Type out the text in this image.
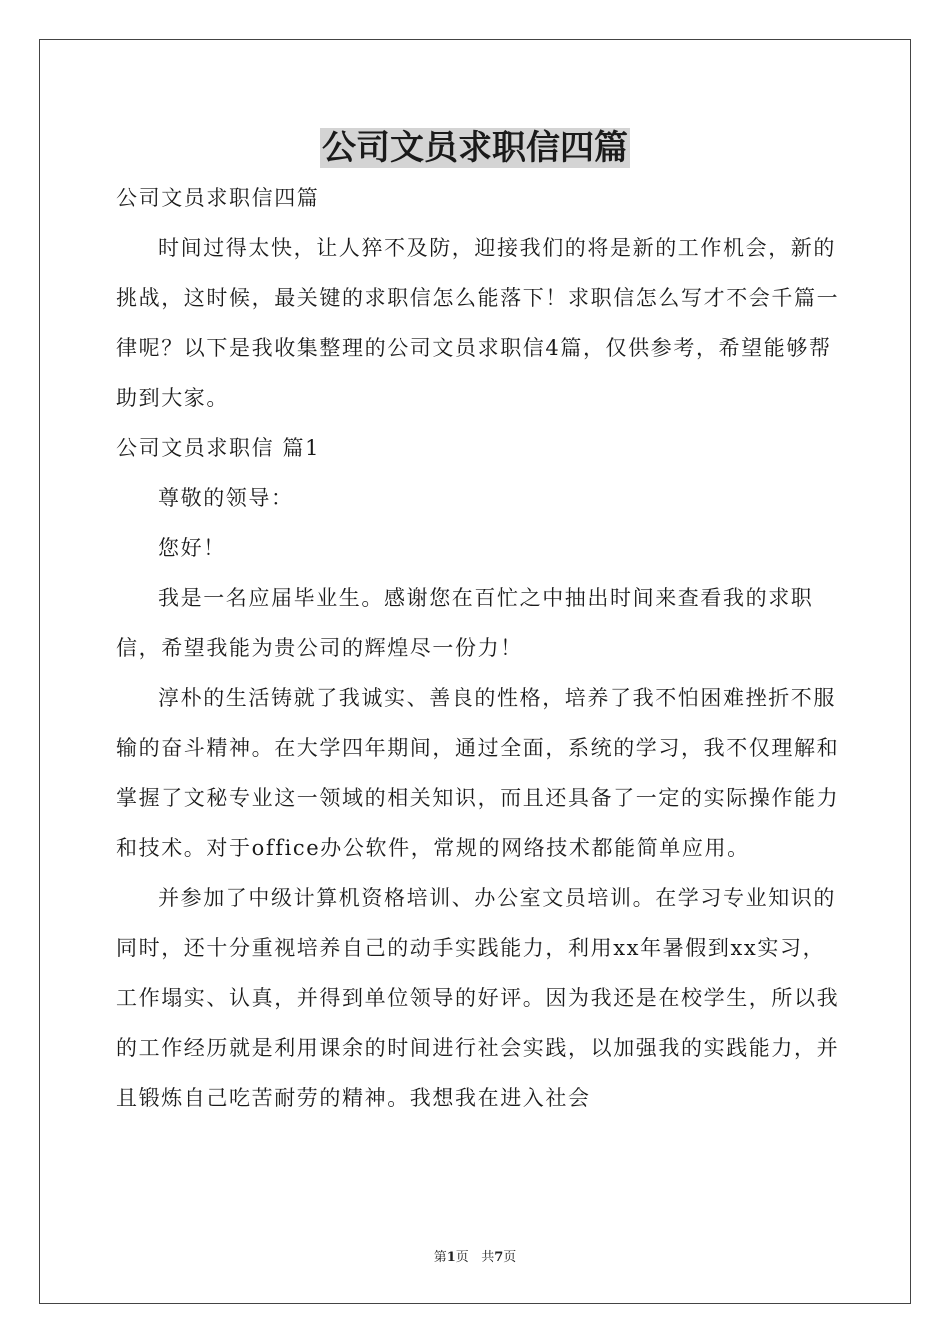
公司文员求职信四篇

公司文员求职信四篇

时间过得太快，让人猝不及防，迎接我们的将是新的工作机会，新的挑战，这时候，最关键的求职信怎么能落下！求职信怎么写才不会千篇一律呢？以下是我收集整理的公司文员求职信4篇，仅供参考，希望能够帮助到大家。

公司文员求职信 篇1

尊敬的领导：

您好！

我是一名应届毕业生。感谢您在百忙之中抽出时间来查看我的求职信，希望我能为贵公司的辉煌尽一份力！

淳朴的生活铸就了我诚实、善良的性格，培养了我不怕困难挫折不服输的奋斗精神。在大学四年期间，通过全面，系统的学习，我不仅理解和掌握了文秘专业这一领域的相关知识，而且还具备了一定的实际操作能力和技术。对于office办公软件，常规的网络技术都能简单应用。

并参加了中级计算机资格培训、办公室文员培训。在学习专业知识的同时，还十分重视培养自己的动手实践能力，利用xx年暑假到xx实习，工作塌实、认真，并得到单位领导的好评。因为我还是在校学生，所以我的工作经历就是利用课余的时间进行社会实践，以加强我的实践能力，并且锻炼自己吃苦耐劳的精神。我想我在进入社会

第1页 共7页
